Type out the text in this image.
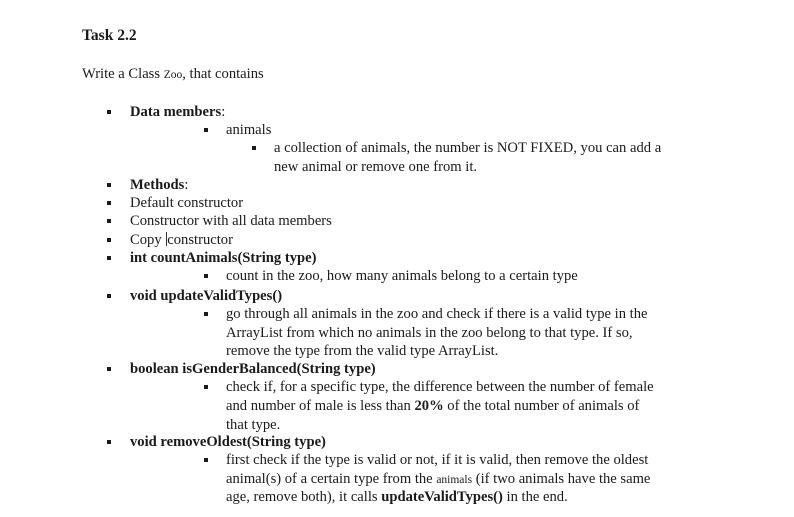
Task 2.2
Write a Class Zoo, that contains
Data members:
animals
a collection of animals, the number is NOT FIXED, you can add a
new animal or remove one from it.
Methods:
Default constructor
Constructor with all data members
Copy constructor
int countAnimals(String type)
count in the zoo, how many animals belong to a certain type
void updateValidTypes()
go through all animals in the zoo and check if there is a valid type in the
ArrayList from which no animals in the zoo belong to that type. If so,
remove the type from the valid type ArrayList.
boolean isGenderBalanced(String type)
check if, for a specific type, the difference between the number of female
and number of male is less than 20% of the total number of animals of
that type.
void removeOldest(String type)
first check if the type is valid or not, if it is valid, then remove the oldest
animal(s) of a certain type from the animals (if two animals have the same
age, remove both), it calls updateValidTypes() in the end.
